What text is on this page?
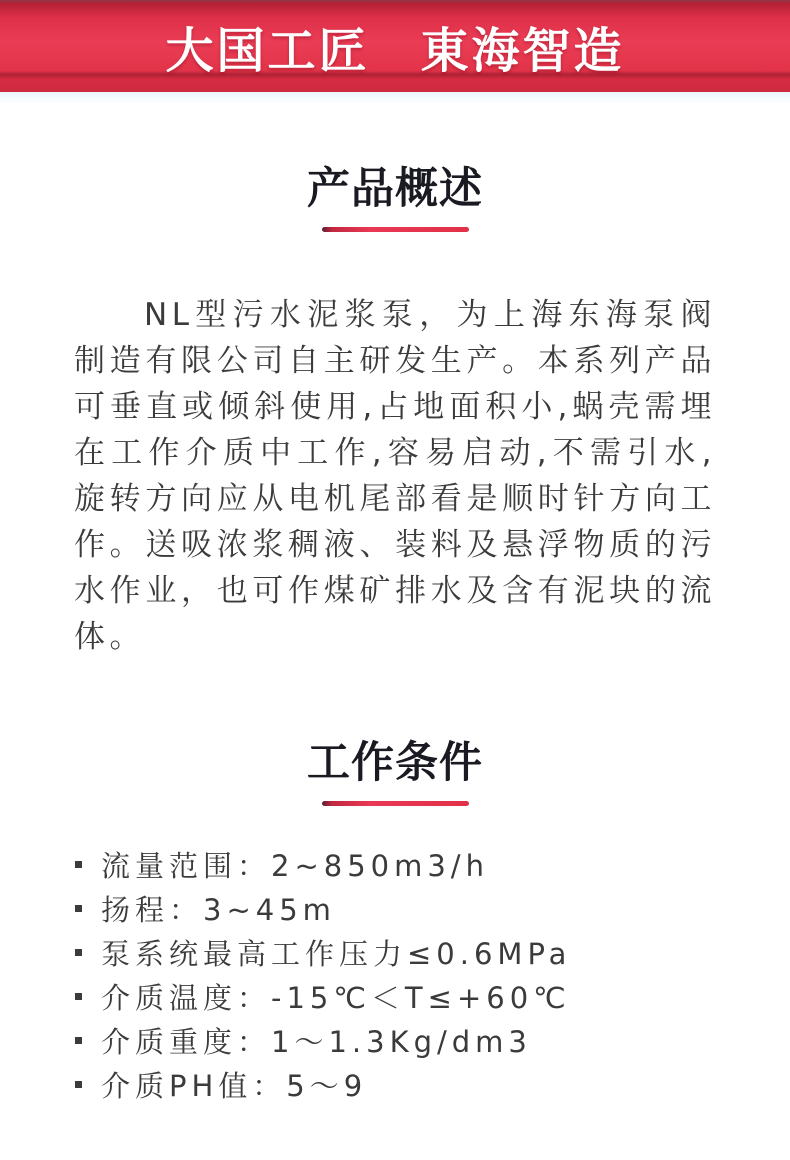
大国工匠　東海智造
产品概述

NL型污水泥浆泵，为上海东海泵阀制造有限公司自主研发生产。本系列产品可垂直或倾斜使用,占地面积小,蜗壳需埋在工作介质中工作,容易启动,不需引水,旋转方向应从电机尾部看是顺时针方向工作。送吸浓浆稠液、装料及悬浮物质的污水作业，也可作煤矿排水及含有泥块的流体。

工作条件
流量范围：2~850m3/h
扬程：3~45m
泵系统最高工作压力≤0.6MPa
介质温度：-15℃＜T≤+60℃
介质重度：1～1.3Kg/dm3
介质PH值：5～9
